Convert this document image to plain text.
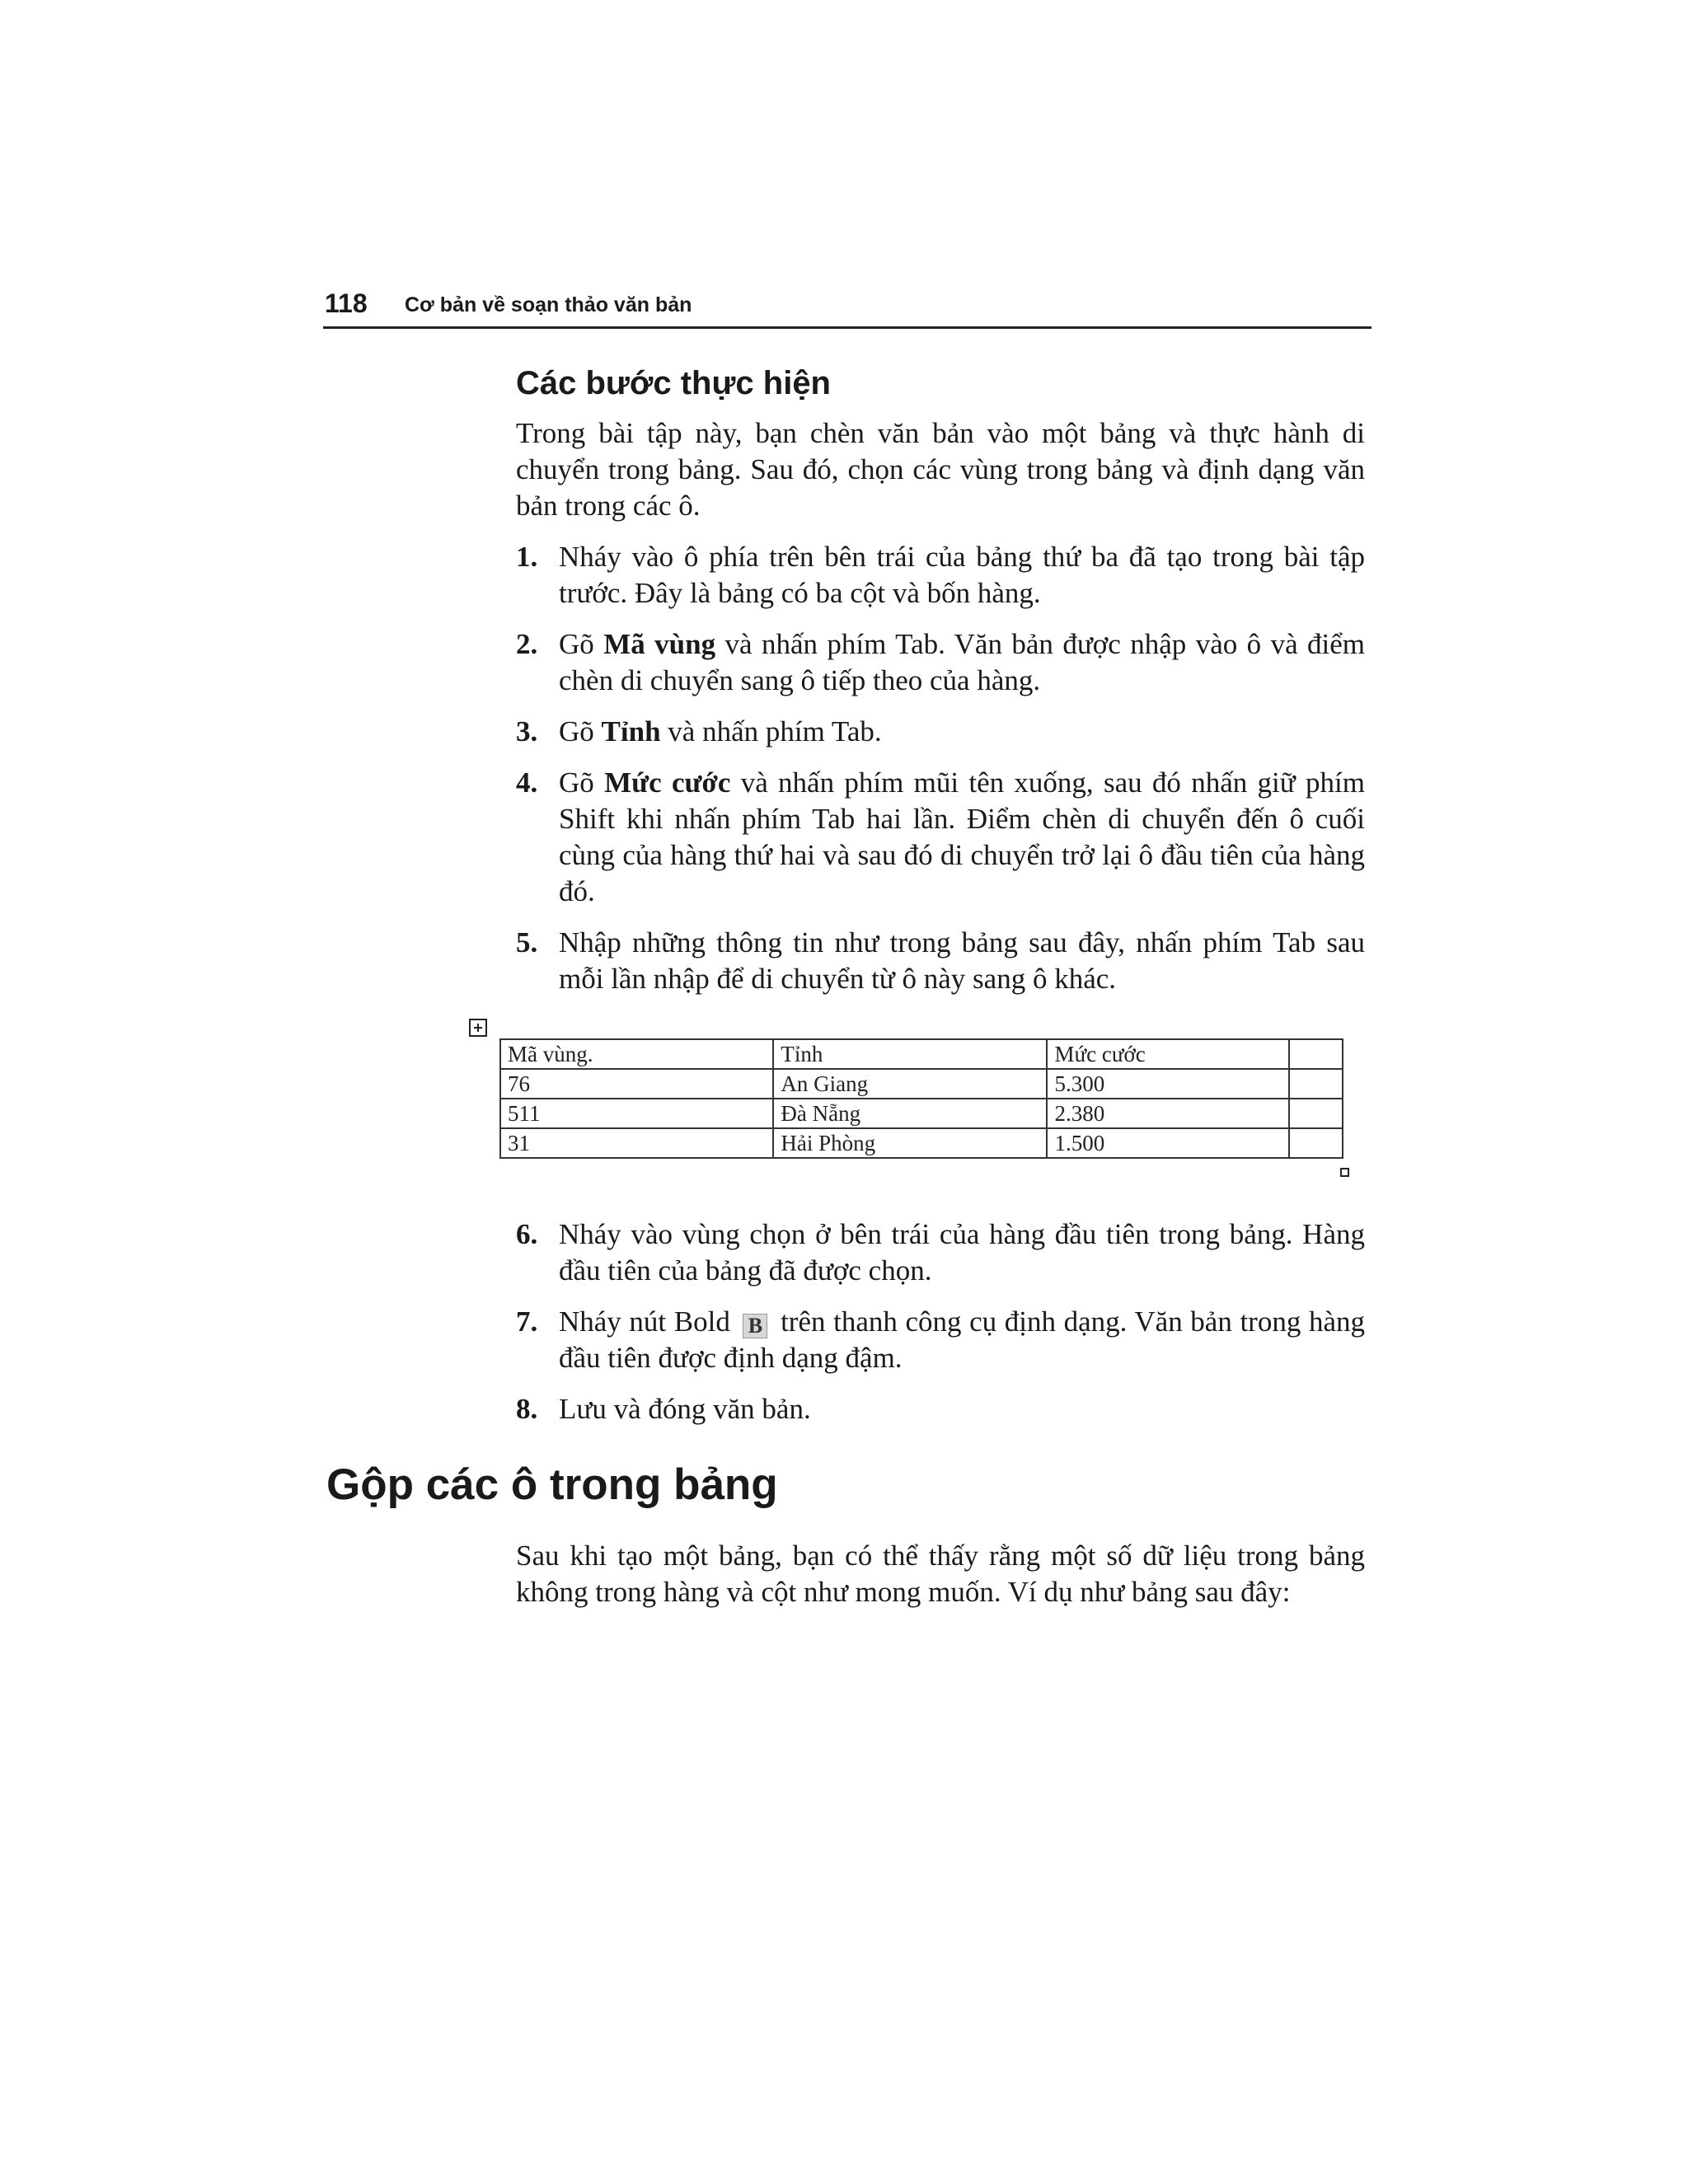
118 Cơ bản về soạn thảo văn bản
Các bước thực hiện

Trong bài tập này, bạn chèn văn bản vào một bảng và thực hành di chuyển trong bảng. Sau đó, chọn các vùng trong bảng và định dạng văn bản trong các ô.

1. Nháy vào ô phía trên bên trái của bảng thứ ba đã tạo trong bài tập trước. Đây là bảng có ba cột và bốn hàng.
2. Gõ Mã vùng và nhấn phím Tab. Văn bản được nhập vào ô và điểm chèn di chuyển sang ô tiếp theo của hàng.
3. Gõ Tỉnh và nhấn phím Tab.
4. Gõ Mức cước và nhấn phím mũi tên xuống, sau đó nhấn giữ phím Shift khi nhấn phím Tab hai lần. Điểm chèn di chuyển đến ô cuối cùng của hàng thứ hai và sau đó di chuyển trở lại ô đầu tiên của hàng đó.
5. Nhập những thông tin như trong bảng sau đây, nhấn phím Tab sau mỗi lần nhập để di chuyển từ ô này sang ô khác.
Mã vùng.	Tỉnh	Mức cước	
76	An Giang	5.300	
511	Đà Nẵng	2.380	
31	Hải Phòng	1.500	
6. Nháy vào vùng chọn ở bên trái của hàng đầu tiên trong bảng. Hàng đầu tiên của bảng đã được chọn.
7. Nháy nút Bold B trên thanh công cụ định dạng. Văn bản trong hàng đầu tiên được định dạng đậm.
8. Lưu và đóng văn bản.
Gộp các ô trong bảng

Sau khi tạo một bảng, bạn có thể thấy rằng một số dữ liệu trong bảng không trong hàng và cột như mong muốn. Ví dụ như bảng sau đây:
